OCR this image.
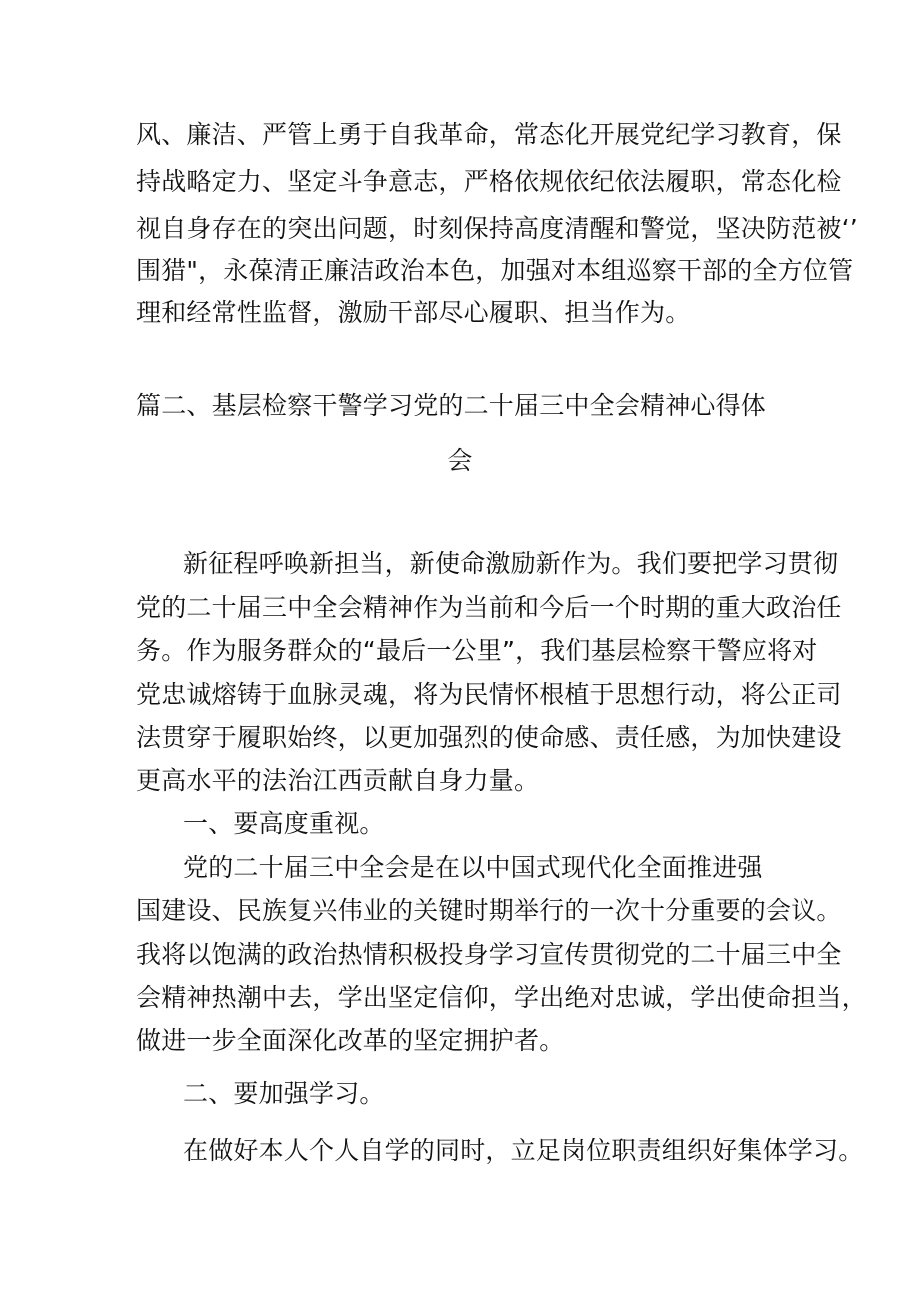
风、廉洁、严管上勇于自我革命，常态化开展党纪学习教育，保
持战略定力、坚定斗争意志，严格依规依纪依法履职，常态化检
视自身存在的突出问题，时刻保持高度清醒和警觉，坚决防范被‘’
围猎"，永葆清正廉洁政治本色，加强对本组巡察干部的全方位管
理和经常性监督，激励干部尽心履职、担当作为。
篇二、基层检察干警学习党的二十届三中全会精神心得体
会
新征程呼唤新担当，新使命激励新作为。我们要把学习贯彻
党的二十届三中全会精神作为当前和今后一个时期的重大政治任
务。作为服务群众的“最后一公里”，我们基层检察干警应将对
党忠诚熔铸于血脉灵魂，将为民情怀根植于思想行动，将公正司
法贯穿于履职始终，以更加强烈的使命感、责任感，为加快建设
更高水平的法治江西贡献自身力量。
一、要高度重视。
党的二十届三中全会是在以中国式现代化全面推进强
国建设、民族复兴伟业的关键时期举行的一次十分重要的会议。
我将以饱满的政治热情积极投身学习宣传贯彻党的二十届三中全
会精神热潮中去，学出坚定信仰，学出绝对忠诚，学出使命担当，
做进一步全面深化改革的坚定拥护者。
二、要加强学习。
在做好本人个人自学的同时，立足岗位职责组织好集体学习。
